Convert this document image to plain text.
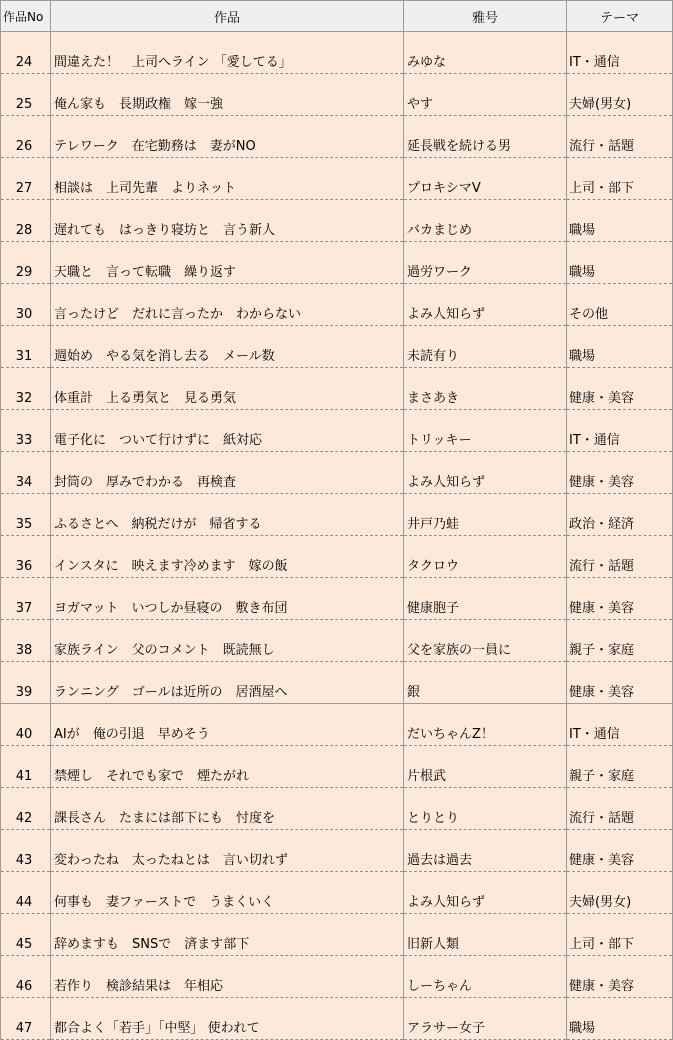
作品No	作品	雅号	テーマ
24	間違えた！　上司へライン 「愛してる」	みゆな	IT・通信
25	俺ん家も　長期政権　嫁一強	やす	夫婦(男女)
26	テレワーク　在宅勤務は　妻がNO	延長戦を続ける男	流行・話題
27	相談は　上司先輩　よりネット	プロキシマV	上司・部下
28	遅れても　はっきり寝坊と　言う新人	バカまじめ	職場
29	天職と　言って転職　繰り返す	過労ワーク	職場
30	言ったけど　だれに言ったか　わからない	よみ人知らず	その他
31	週始め　やる気を消し去る　メール数	未読有り	職場
32	体重計　上る勇気と　見る勇気	まさあき	健康・美容
33	電子化に　ついて行けずに　紙対応	トリッキー	IT・通信
34	封筒の　厚みでわかる　再検査	よみ人知らず	健康・美容
35	ふるさとへ　納税だけが　帰省する	井戸乃蛙	政治・経済
36	インスタに　映えます冷めます　嫁の飯	タクロウ	流行・話題
37	ヨガマット　いつしか昼寝の　敷き布団	健康胞子	健康・美容
38	家族ライン　父のコメント　既読無し	父を家族の一員に	親子・家庭
39	ランニング　ゴールは近所の　居酒屋へ	銀	健康・美容
40	AIが　俺の引退　早めそう	だいちゃんZ！	IT・通信
41	禁煙し　それでも家で　煙たがれ	片根武	親子・家庭
42	課長さん　たまには部下にも　忖度を	とりとり	流行・話題
43	変わったね　太ったねとは　言い切れず	過去は過去	健康・美容
44	何事も　妻ファーストで　うまくいく	よみ人知らず	夫婦(男女)
45	辞めますも　SNSで　済ます部下	旧新人類	上司・部下
46	若作り　検診結果は　年相応	しーちゃん	健康・美容
47	都合よく「若手」「中堅」 使われて	アラサー女子	職場
